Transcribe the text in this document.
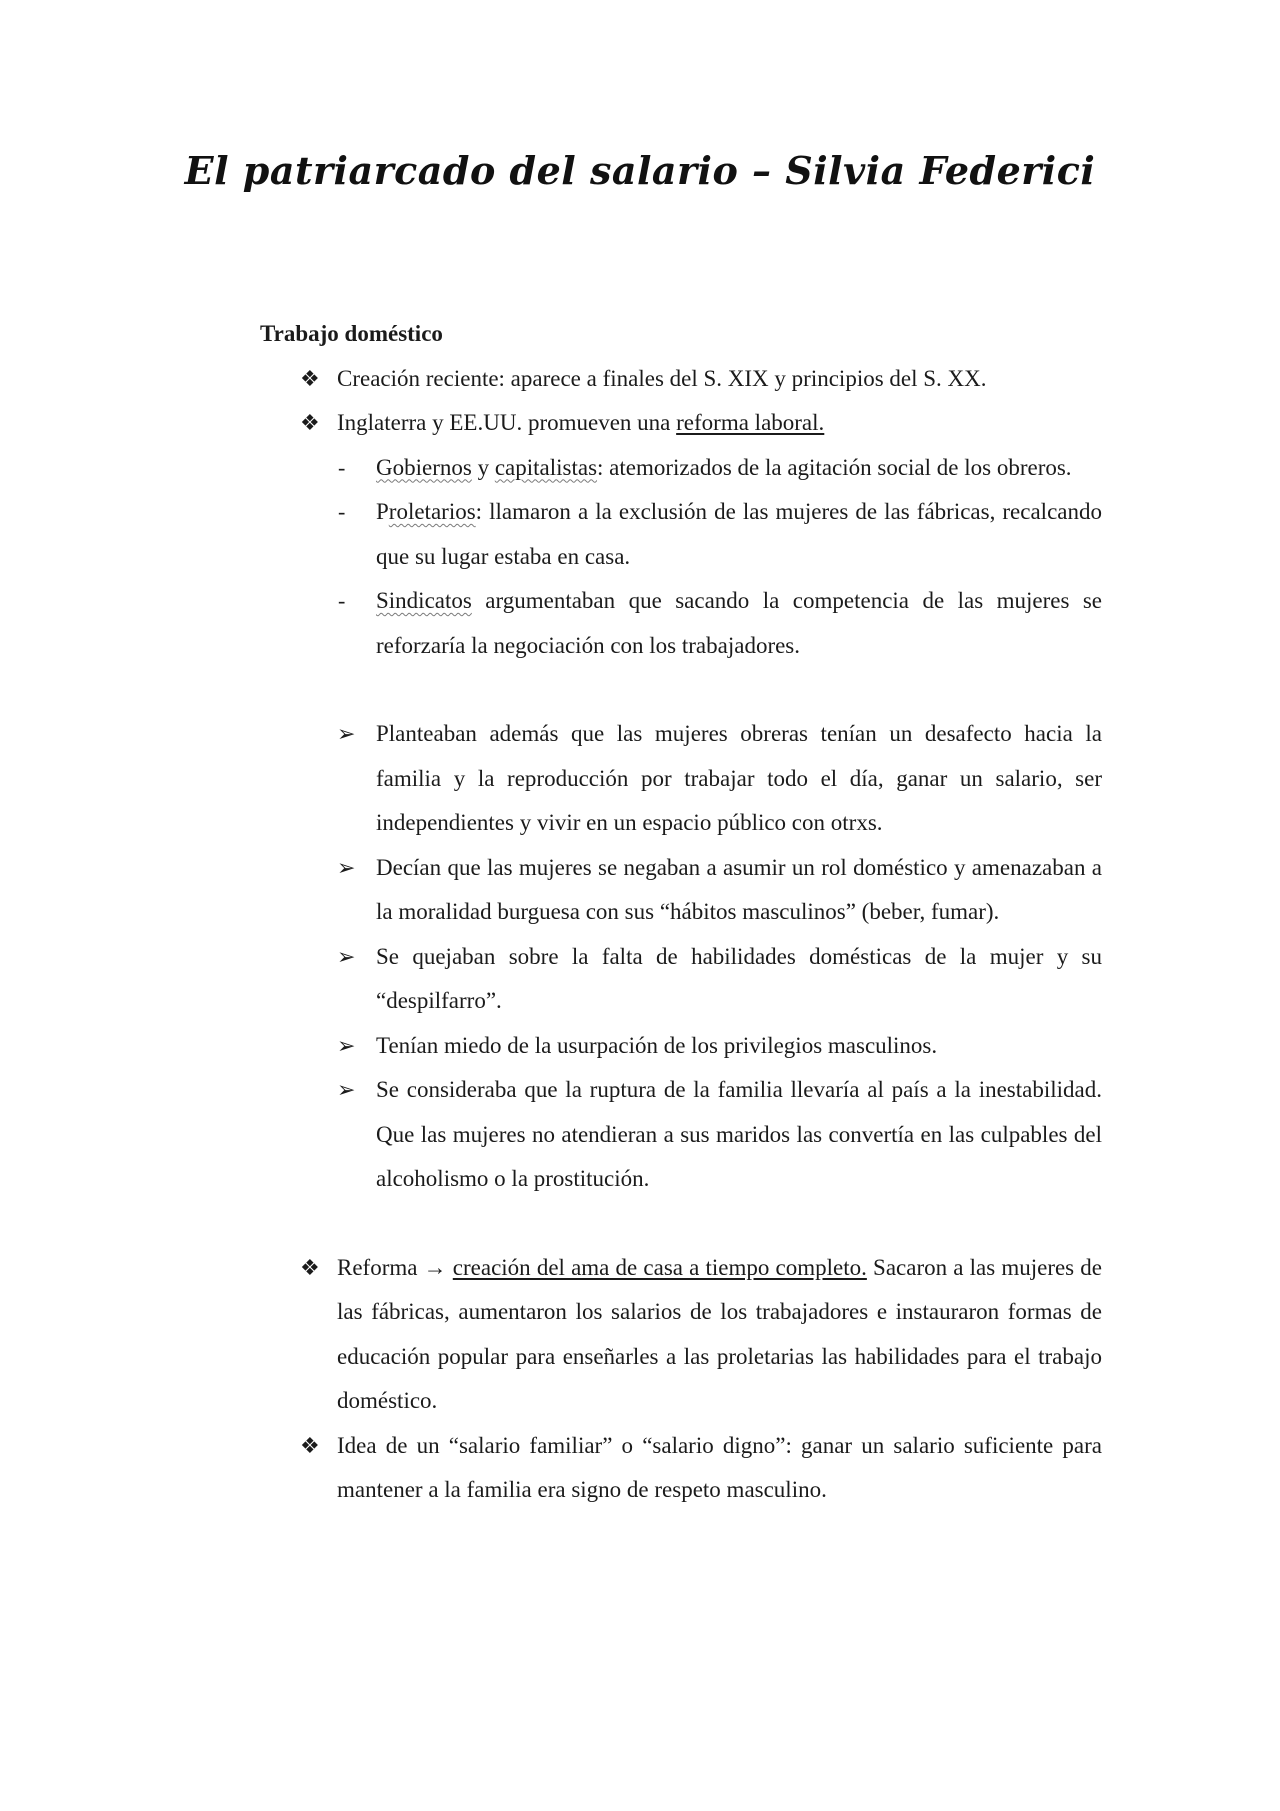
El patriarcado del salario – Silvia Federici

Trabajo doméstico

❖ Creación reciente: aparece a finales del S. XIX y principios del S. XX.
❖ Inglaterra y EE.UU. promueven una reforma laboral.
- Gobiernos y capitalistas: atemorizados de la agitación social de los obreros.
- Proletarios: llamaron a la exclusión de las mujeres de las fábricas, recalcando que su lugar estaba en casa.
- Sindicatos argumentaban que sacando la competencia de las mujeres se reforzaría la negociación con los trabajadores.
➢ Planteaban además que las mujeres obreras tenían un desafecto hacia la familia y la reproducción por trabajar todo el día, ganar un salario, ser independientes y vivir en un espacio público con otrxs.
➢ Decían que las mujeres se negaban a asumir un rol doméstico y amenazaban a la moralidad burguesa con sus “hábitos masculinos” (beber, fumar).
➢ Se quejaban sobre la falta de habilidades domésticas de la mujer y su “despilfarro”.
➢ Tenían miedo de la usurpación de los privilegios masculinos.
➢ Se consideraba que la ruptura de la familia llevaría al país a la inestabilidad. Que las mujeres no atendieran a sus maridos las convertía en las culpables del alcoholismo o la prostitución.
❖ Reforma → creación del ama de casa a tiempo completo. Sacaron a las mujeres de las fábricas, aumentaron los salarios de los trabajadores e instauraron formas de educación popular para enseñarles a las proletarias las habilidades para el trabajo doméstico.
❖ Idea de un “salario familiar” o “salario digno”: ganar un salario suficiente para mantener a la familia era signo de respeto masculino.
